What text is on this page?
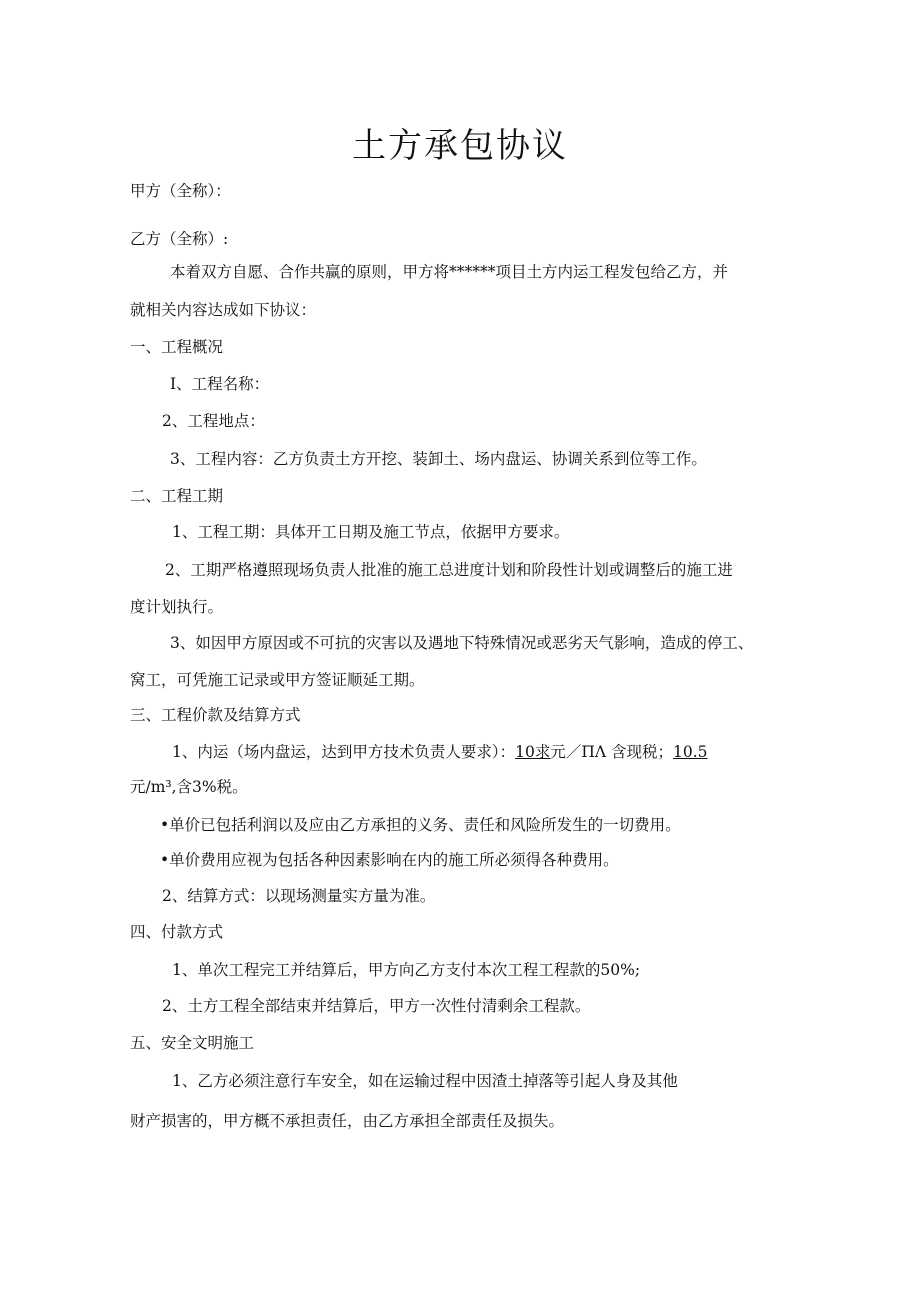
土方承包协议
甲方（全称）：
乙方（全称）:
本着双方自愿、合作共赢的原则，甲方将******项目土方内运工程发包给乙方，并
就相关内容达成如下协议：
一、工程概况
I、工程名称：
2、工程地点：
3、工程内容：乙方负责土方开挖、装卸土、场内盘运、协调关系到位等工作。
二、工程工期
1、工程工期：具体开工日期及施工节点，依据甲方要求。
2、工期严格遵照现场负责人批准的施工总进度计划和阶段性计划或调整后的施工进
度计划执行。
3、如因甲方原因或不可抗的灾害以及遇地下特殊情况或恶劣天气影响，造成的停工、
窝工，可凭施工记录或甲方签证顺延工期。
三、工程价款及结算方式
1、内运（场内盘运，达到甲方技术负责人要求）：10求元／ΠΛ 含现税；10.5
元/m³,含3%税。
•单价已包括利润以及应由乙方承担的义务、责任和风险所发生的一切费用。
•单价费用应视为包括各种因素影响在内的施工所必须得各种费用。
2、结算方式：以现场测量实方量为准。
四、付款方式
1、单次工程完工并结算后，甲方向乙方支付本次工程工程款的50%;
2、土方工程全部结束并结算后，甲方一次性付清剩余工程款。
五、安全文明施工
1、乙方必须注意行车安全，如在运输过程中因渣土掉落等引起人身及其他
财产损害的，甲方概不承担责任，由乙方承担全部责任及损失。
